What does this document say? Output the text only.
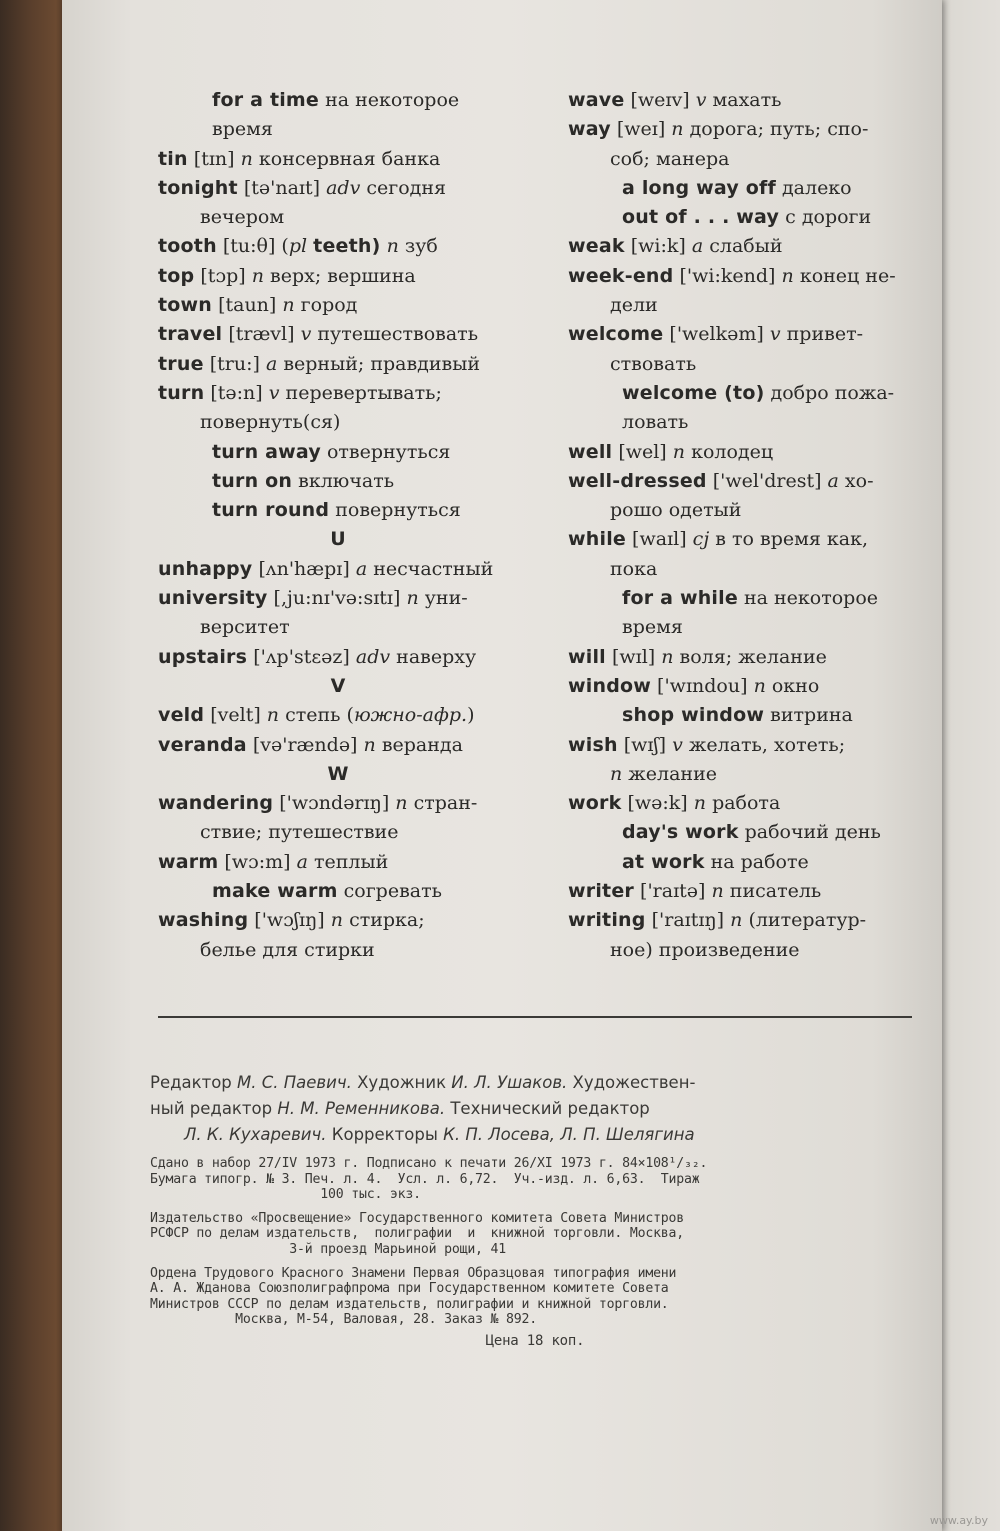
for a time на некоторое
время
tin [tɪn] n консервная банка
tonight [tə'naɪt] adv сегодня
вечером
tooth [tu:θ] (pl teeth) n зуб
top [tɔp] n верх; вершина
town [taun] n город
travel [trævl] v путешествовать
true [tru:] a верный; правдивый
turn [tə:n] v перевертывать;
повернуть(ся)
turn away отвернуться
turn on включать
turn round повернуться
U
unhappy [ʌn'hæpɪ] a несчастный
university [,ju:nɪ'və:sɪtɪ] n уни-
верситет
upstairs ['ʌp'stɛəz] adv наверху
V
veld [velt] n степь (южно-афр.)
veranda [və'rændə] n веранда
W
wandering ['wɔndərɪŋ] n стран-
ствие; путешествие
warm [wɔ:m] a теплый
make warm согревать
washing ['wɔʃɪŋ] n стирка;
белье для стирки
wave [weɪv] v махать
way [weɪ] n дорога; путь; спо-
соб; манера
a long way off далеко
out of . . . way с дороги
weak [wi:k] a слабый
week-end ['wi:kend] n конец не-
дели
welcome ['welkəm] v привет-
ствовать
welcome (to) добро пожа-
ловать
well [wel] n колодец
well-dressed ['wel'drest] a хо-
рошо одетый
while [waɪl] cj в то время как,
пока
for a while на некоторое
время
will [wɪl] n воля; желание
window ['wɪndou] n окно
shop window витрина
wish [wɪʃ] v желать, хотеть;
n желание
work [wə:k] n работа
day's work рабочий день
at work на работе
writer ['raɪtə] n писатель
writing ['raɪtɪŋ] n (литератур-
ное) произведение
Редактор М. С. Паевич. Художник И. Л. Ушаков. Художествен-
ный редактор Н. М. Ременникова. Технический редактор
Л. К. Кухаревич. Корректоры К. П. Лосева, Л. П. Шелягина
Сдано в набор 27/IV 1973 г. Подписано к печати 26/XI 1973 г. 84×108¹/₃₂.
Бумага типогр. № 3. Печ. л. 4.  Усл. л. 6,72.  Уч.-изд. л. 6,63.  Тираж
100 тыс. экз.
Издательство «Просвещение» Государственного комитета Совета Министров
РСФСР по делам издательств,  полиграфии  и  книжной торговли. Москва,
3-й проезд Марьиной рощи, 41
Ордена Трудового Красного Знамени Первая Образцовая типография имени
А. А. Жданова Союзполиграфпрома при Государственном комитете Совета
Министров СССР по делам издательств, полиграфии и книжной торговли.
Москва, М-54, Валовая, 28. Заказ № 892.
Цена 18 коп.
www.ay.by
